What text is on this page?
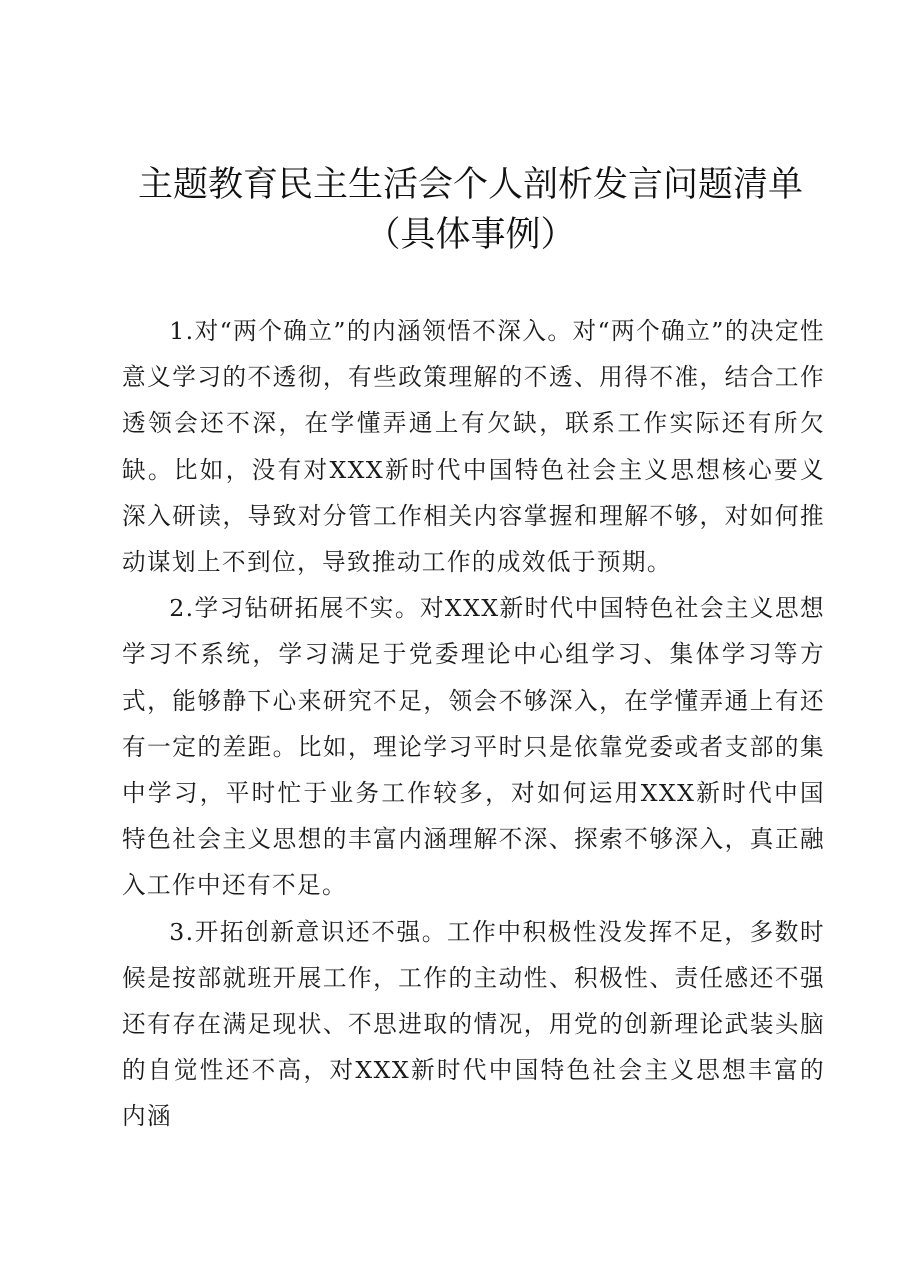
主题教育民主生活会个人剖析发言问题清单（具体事例）

1.对“两个确立”的内涵领悟不深入。对“两个确立”的决定性意义学习的不透彻，有些政策理解的不透、用得不准，结合工作透领会还不深，在学懂弄通上有欠缺，联系工作实际还有所欠缺。比如，没有对XXX新时代中国特色社会主义思想核心要义深入研读，导致对分管工作相关内容掌握和理解不够，对如何推动谋划上不到位，导致推动工作的成效低于预期。

2.学习钻研拓展不实。对XXX新时代中国特色社会主义思想学习不系统，学习满足于党委理论中心组学习、集体学习等方式，能够静下心来研究不足，领会不够深入，在学懂弄通上有还有一定的差距。比如，理论学习平时只是依靠党委或者支部的集中学习，平时忙于业务工作较多，对如何运用XXX新时代中国特色社会主义思想的丰富内涵理解不深、探索不够深入，真正融入工作中还有不足。

3.开拓创新意识还不强。工作中积极性没发挥不足，多数时候是按部就班开展工作，工作的主动性、积极性、责任感还不强还有存在满足现状、不思进取的情况，用党的创新理论武装头脑的自觉性还不高，对XXX新时代中国特色社会主义思想丰富的内涵
